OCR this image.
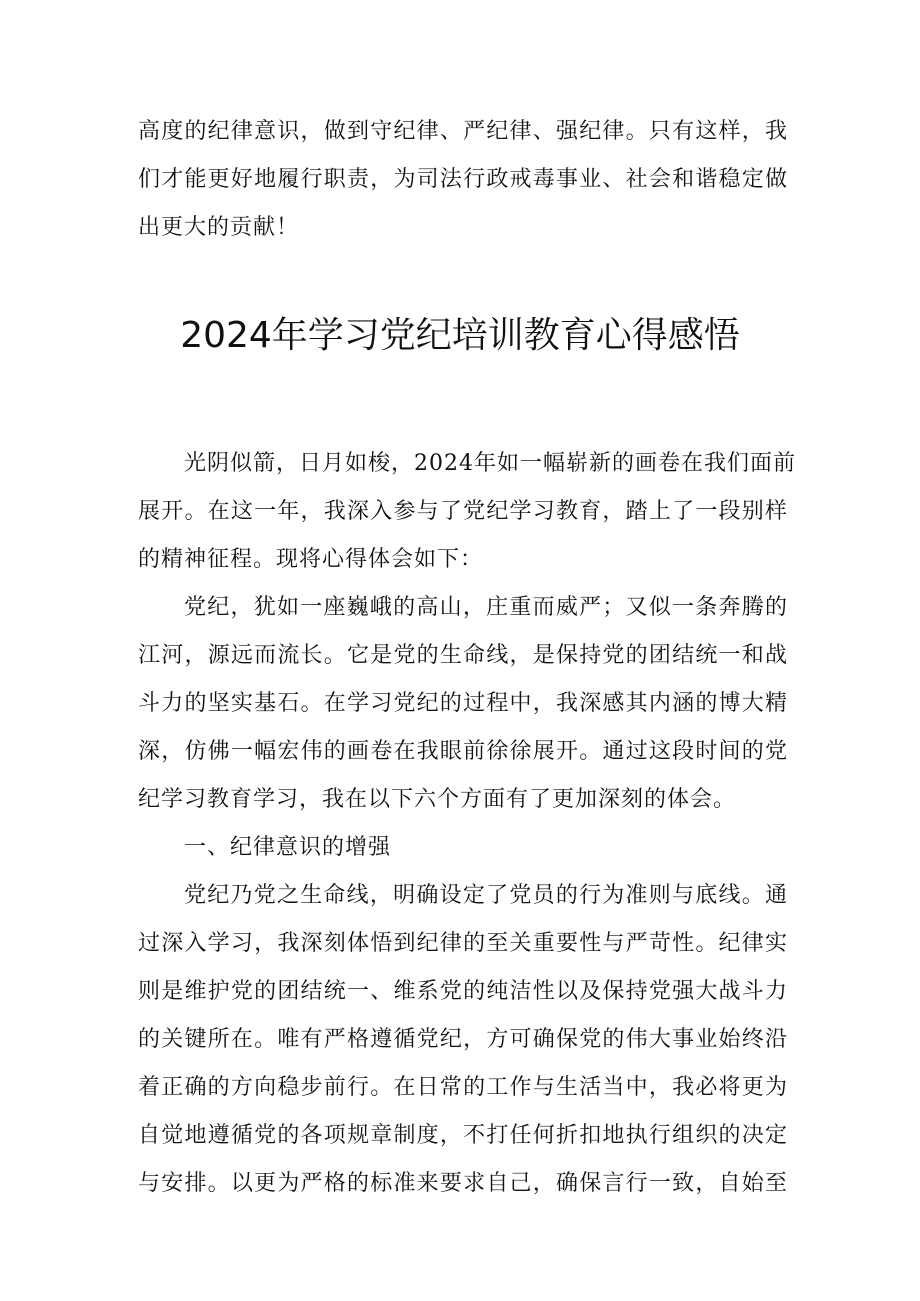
高度的纪律意识，做到守纪律、严纪律、强纪律。只有这样，我
们才能更好地履行职责，为司法行政戒毒事业、社会和谐稳定做
出更大的贡献！
2024年学习党纪培训教育心得感悟
光阴似箭，日月如梭，2024年如一幅崭新的画卷在我们面前
展开。在这一年，我深入参与了党纪学习教育，踏上了一段别样
的精神征程。现将心得体会如下：
党纪，犹如一座巍峨的高山，庄重而威严；又似一条奔腾的
江河，源远而流长。它是党的生命线，是保持党的团结统一和战
斗力的坚实基石。在学习党纪的过程中，我深感其内涵的博大精
深，仿佛一幅宏伟的画卷在我眼前徐徐展开。通过这段时间的党
纪学习教育学习，我在以下六个方面有了更加深刻的体会。
一、纪律意识的增强
党纪乃党之生命线，明确设定了党员的行为准则与底线。通
过深入学习，我深刻体悟到纪律的至关重要性与严苛性。纪律实
则是维护党的团结统一、维系党的纯洁性以及保持党强大战斗力
的关键所在。唯有严格遵循党纪，方可确保党的伟大事业始终沿
着正确的方向稳步前行。在日常的工作与生活当中，我必将更为
自觉地遵循党的各项规章制度，不打任何折扣地执行组织的决定
与安排。以更为严格的标准来要求自己，确保言行一致，自始至
